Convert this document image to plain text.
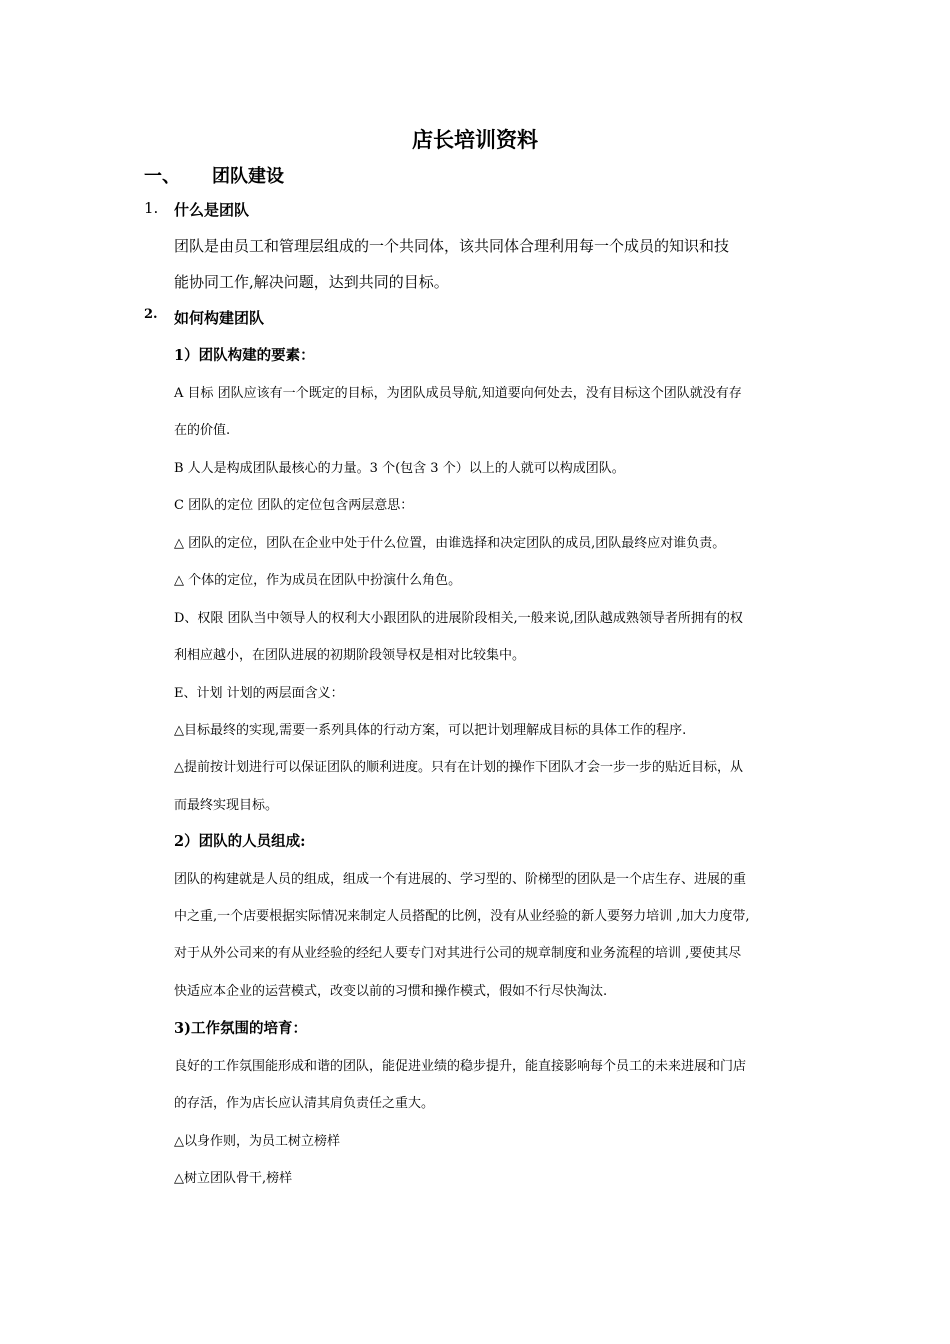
店长培训资料
一、 团队建设
1. 什么是团队

团队是由员工和管理层组成的一个共同体，该共同体合理利用每一个成员的知识和技

能协同工作,解决问题，达到共同的目标。

2. 如何构建团队

1）团队构建的要素：

A 目标 团队应该有一个既定的目标，为团队成员导航,知道要向何处去，没有目标这个团队就没有存

在的价值.

B 人人是构成团队最核心的力量。3 个(包含 3 个）以上的人就可以构成团队。

C 团队的定位 团队的定位包含两层意思：

△ 团队的定位，团队在企业中处于什么位置，由谁选择和决定团队的成员,团队最终应对谁负责。

△ 个体的定位，作为成员在团队中扮演什么角色。

D、权限 团队当中领导人的权利大小跟团队的进展阶段相关,一般来说,团队越成熟领导者所拥有的权

利相应越小，在团队进展的初期阶段领导权是相对比较集中。

E、计划 计划的两层面含义：

△目标最终的实现,需要一系列具体的行动方案，可以把计划理解成目标的具体工作的程序.

△提前按计划进行可以保证团队的顺利进度。只有在计划的操作下团队才会一步一步的贴近目标，从

而最终实现目标。

2）团队的人员组成:

团队的构建就是人员的组成，组成一个有进展的、学习型的、阶梯型的团队是一个店生存、进展的重

中之重,一个店要根据实际情况来制定人员搭配的比例，没有从业经验的新人要努力培训 ,加大力度带,

对于从外公司来的有从业经验的经纪人要专门对其进行公司的规章制度和业务流程的培训 ,要使其尽

快适应本企业的运营模式，改变以前的习惯和操作模式，假如不行尽快淘汰.

3)工作氛围的培育：

良好的工作氛围能形成和谐的团队，能促进业绩的稳步提升，能直接影响每个员工的未来进展和门店

的存活，作为店长应认清其肩负责任之重大。

△以身作则，为员工树立榜样

△树立团队骨干,榜样
